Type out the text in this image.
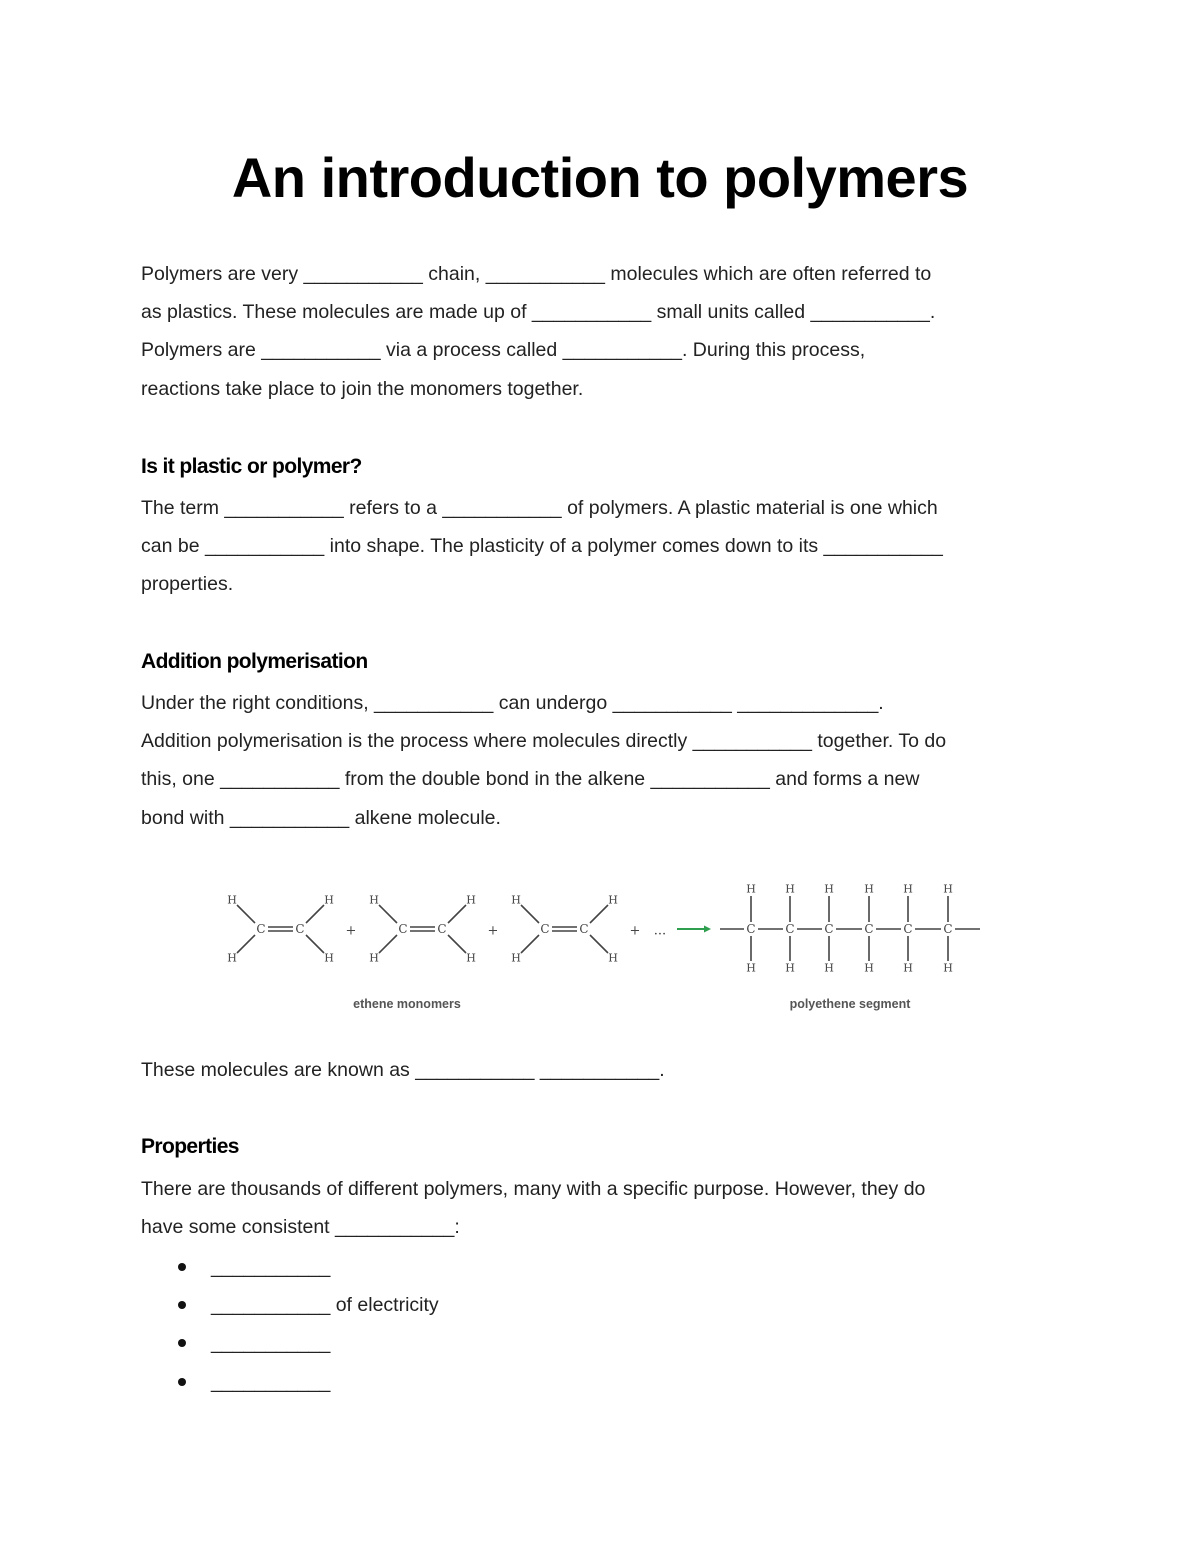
An introduction to polymers

Polymers are very ___________ chain, ___________ molecules which are often referred to
as plastics. These molecules are made up of ___________ small units called ___________.
Polymers are ___________ via a process called ___________. During this process,
reactions take place to join the monomers together.

Is it plastic or polymer?

The term ___________ refers to a ___________ of polymers. A plastic material is one which
can be ___________ into shape. The plasticity of a polymer comes down to its ___________
properties.

Addition polymerisation

Under the right conditions, ___________ can undergo ___________ _____________.
Addition polymerisation is the process where molecules directly ___________ together. To do
this, one ___________ from the double bond in the alkene ___________ and forms a new
bond with ___________ alkene molecule.

C C
H
H
H
H
+	C C
H
H
H
H
+	C C
H
H
H
H
+ ...	C
H
H
C
H
H
C
H
H
C
H
H
C
H
H
C
H
H
ethene monomers	polyethene segment

These molecules are known as ___________ ___________.

Properties

There are thousands of different polymers, many with a specific purpose. However, they do
have some consistent ___________:

___________
___________ of electricity
___________
___________
